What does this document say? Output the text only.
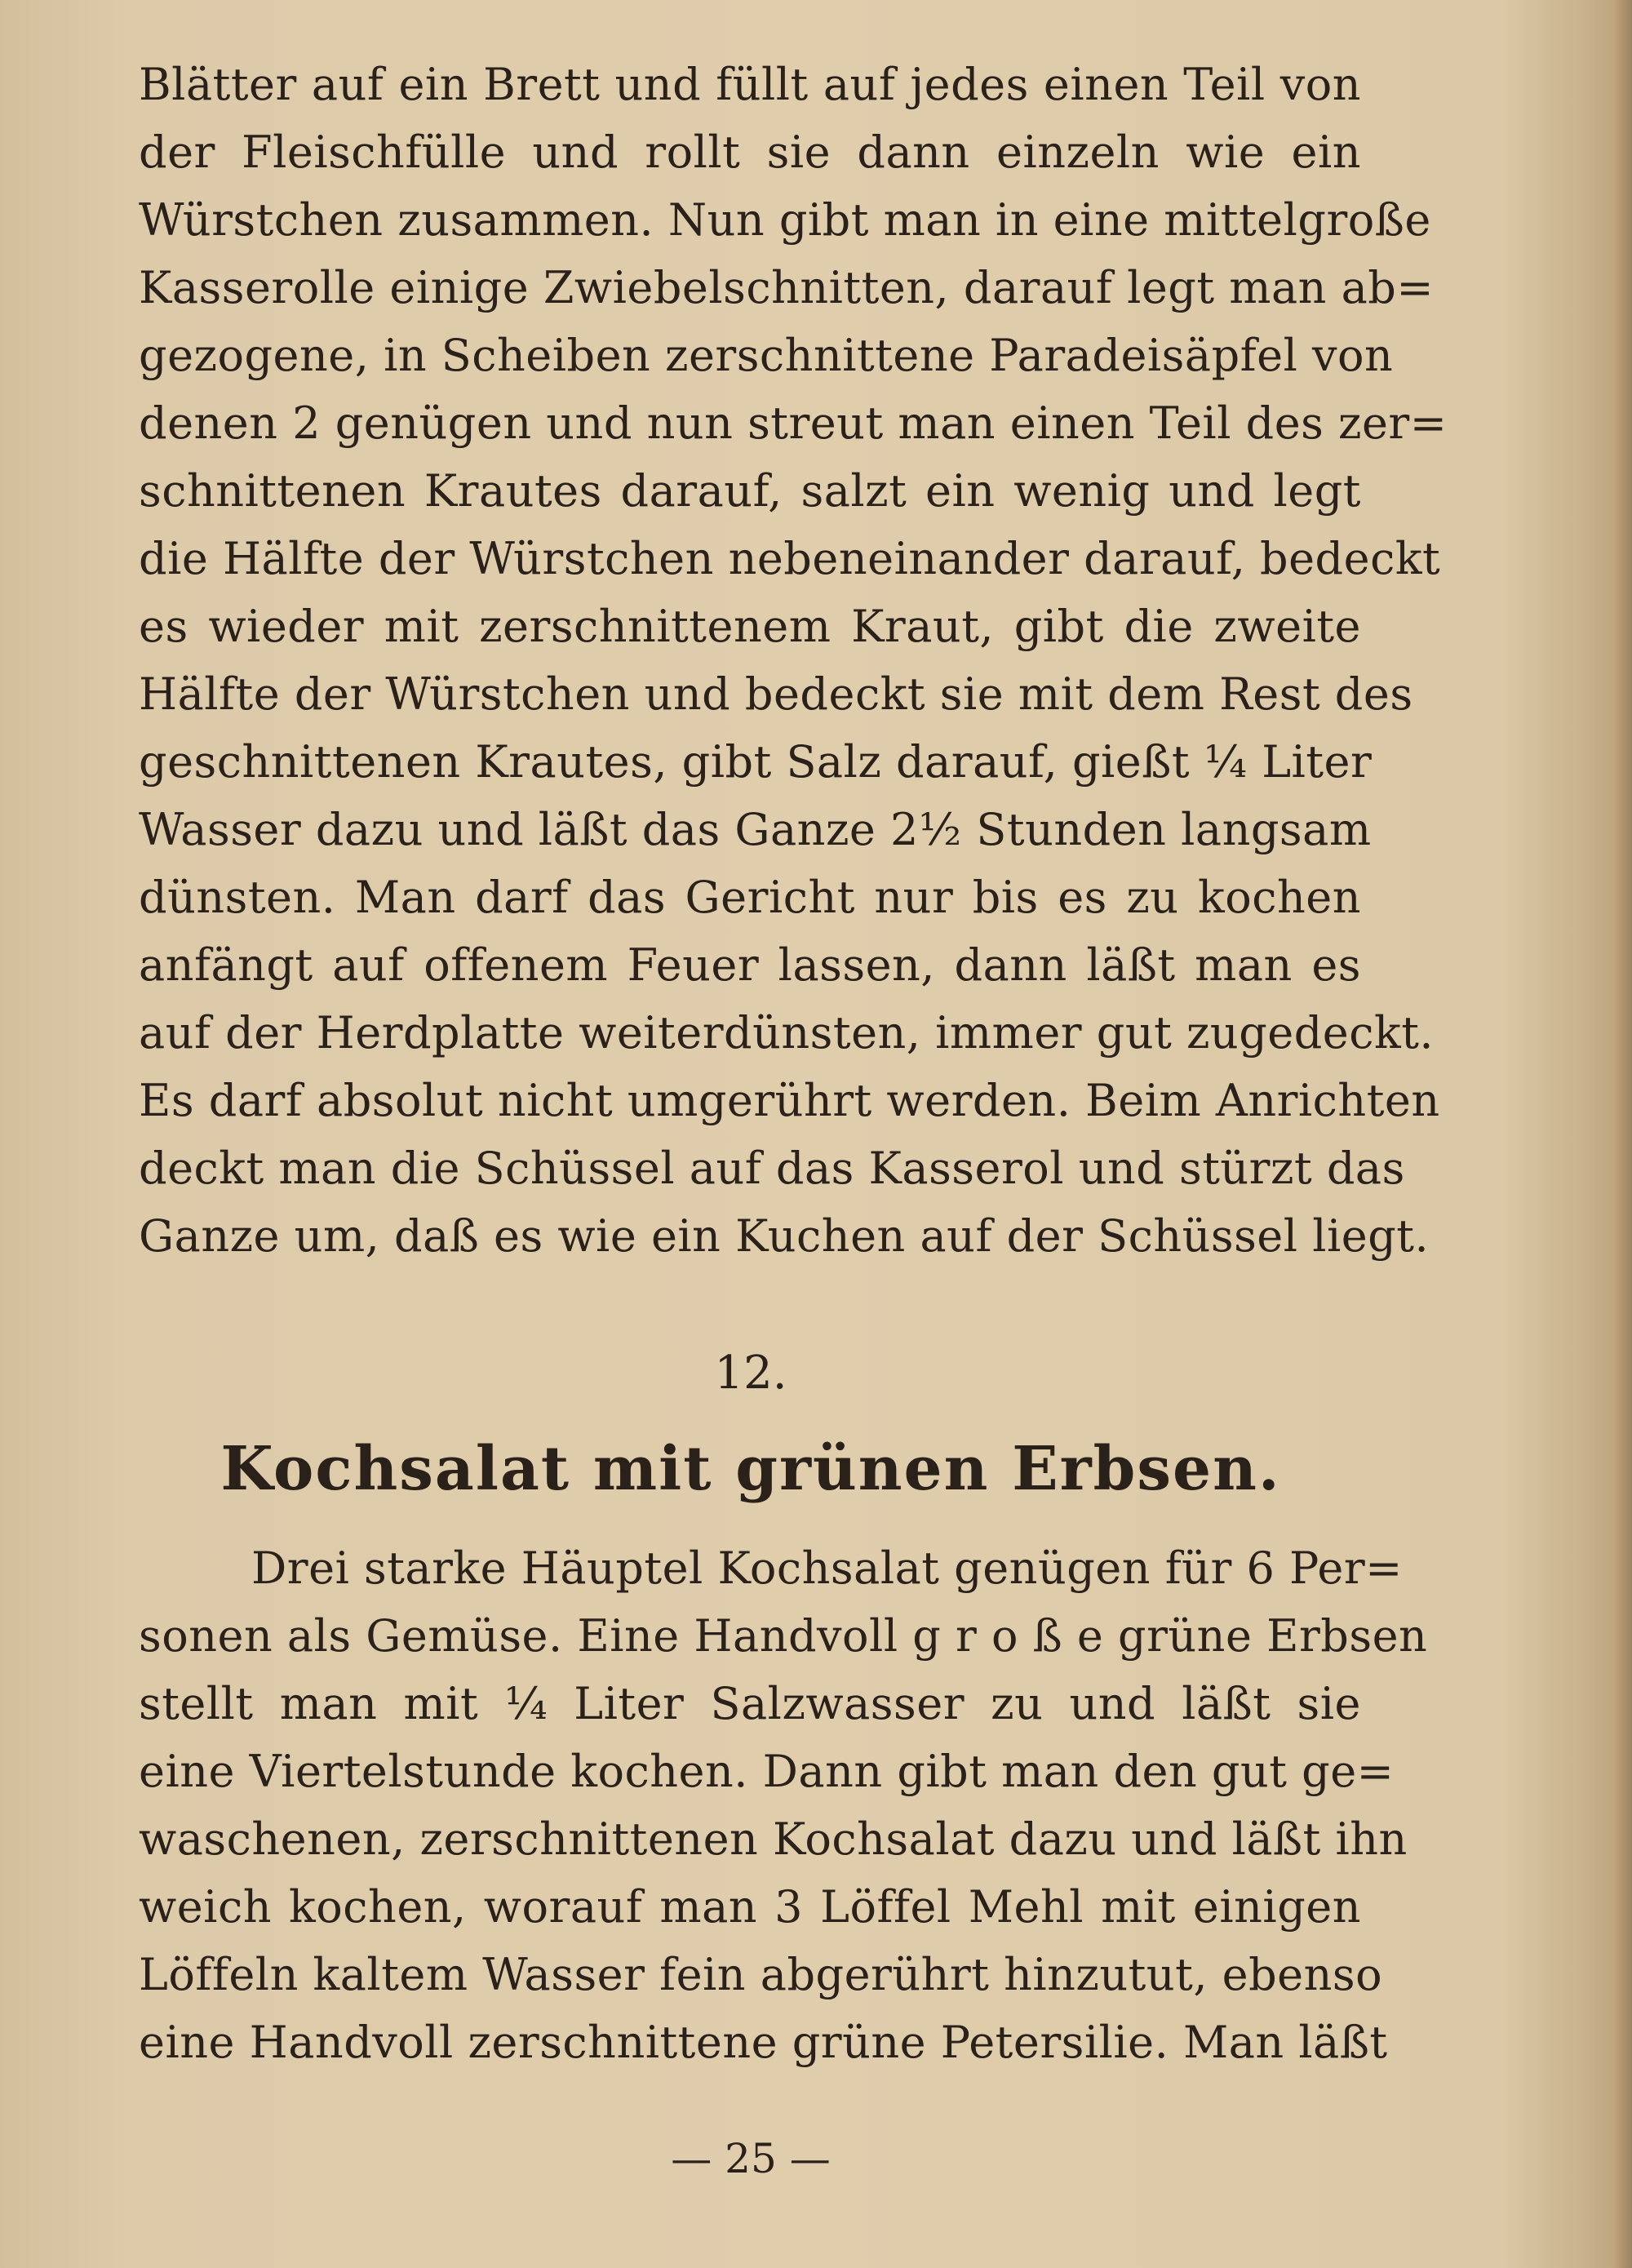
Blätter auf ein Brett und füllt auf jedes einen Teil von
der Fleischfülle und rollt sie dann einzeln wie ein
Würstchen zusammen. Nun gibt man in eine mittelgroße
Kasserolle einige Zwiebelschnitten, darauf legt man ab=
gezogene, in Scheiben zerschnittene Paradeisäpfel von
denen 2 genügen und nun streut man einen Teil des zer=
schnittenen Krautes darauf, salzt ein wenig und legt
die Hälfte der Würstchen nebeneinander darauf, bedeckt
es wieder mit zerschnittenem Kraut, gibt die zweite
Hälfte der Würstchen und bedeckt sie mit dem Rest des
geschnittenen Krautes, gibt Salz darauf, gießt ¼ Liter
Wasser dazu und läßt das Ganze 2½ Stunden langsam
dünsten. Man darf das Gericht nur bis es zu kochen
anfängt auf offenem Feuer lassen, dann läßt man es
auf der Herdplatte weiterdünsten, immer gut zugedeckt.
Es darf absolut nicht umgerührt werden. Beim Anrichten
deckt man die Schüssel auf das Kasserol und stürzt das
Ganze um, daß es wie ein Kuchen auf der Schüssel liegt.
12.
Kochsalat mit grünen Erbsen.
Drei starke Häuptel Kochsalat genügen für 6 Per=
sonen als Gemüse. Eine Handvoll g r o ß e grüne Erbsen
stellt man mit ¼ Liter Salzwasser zu und läßt sie
eine Viertelstunde kochen. Dann gibt man den gut ge=
waschenen, zerschnittenen Kochsalat dazu und läßt ihn
weich kochen, worauf man 3 Löffel Mehl mit einigen
Löffeln kaltem Wasser fein abgerührt hinzutut, ebenso
eine Handvoll zerschnittene grüne Petersilie. Man läßt
— 25 —
